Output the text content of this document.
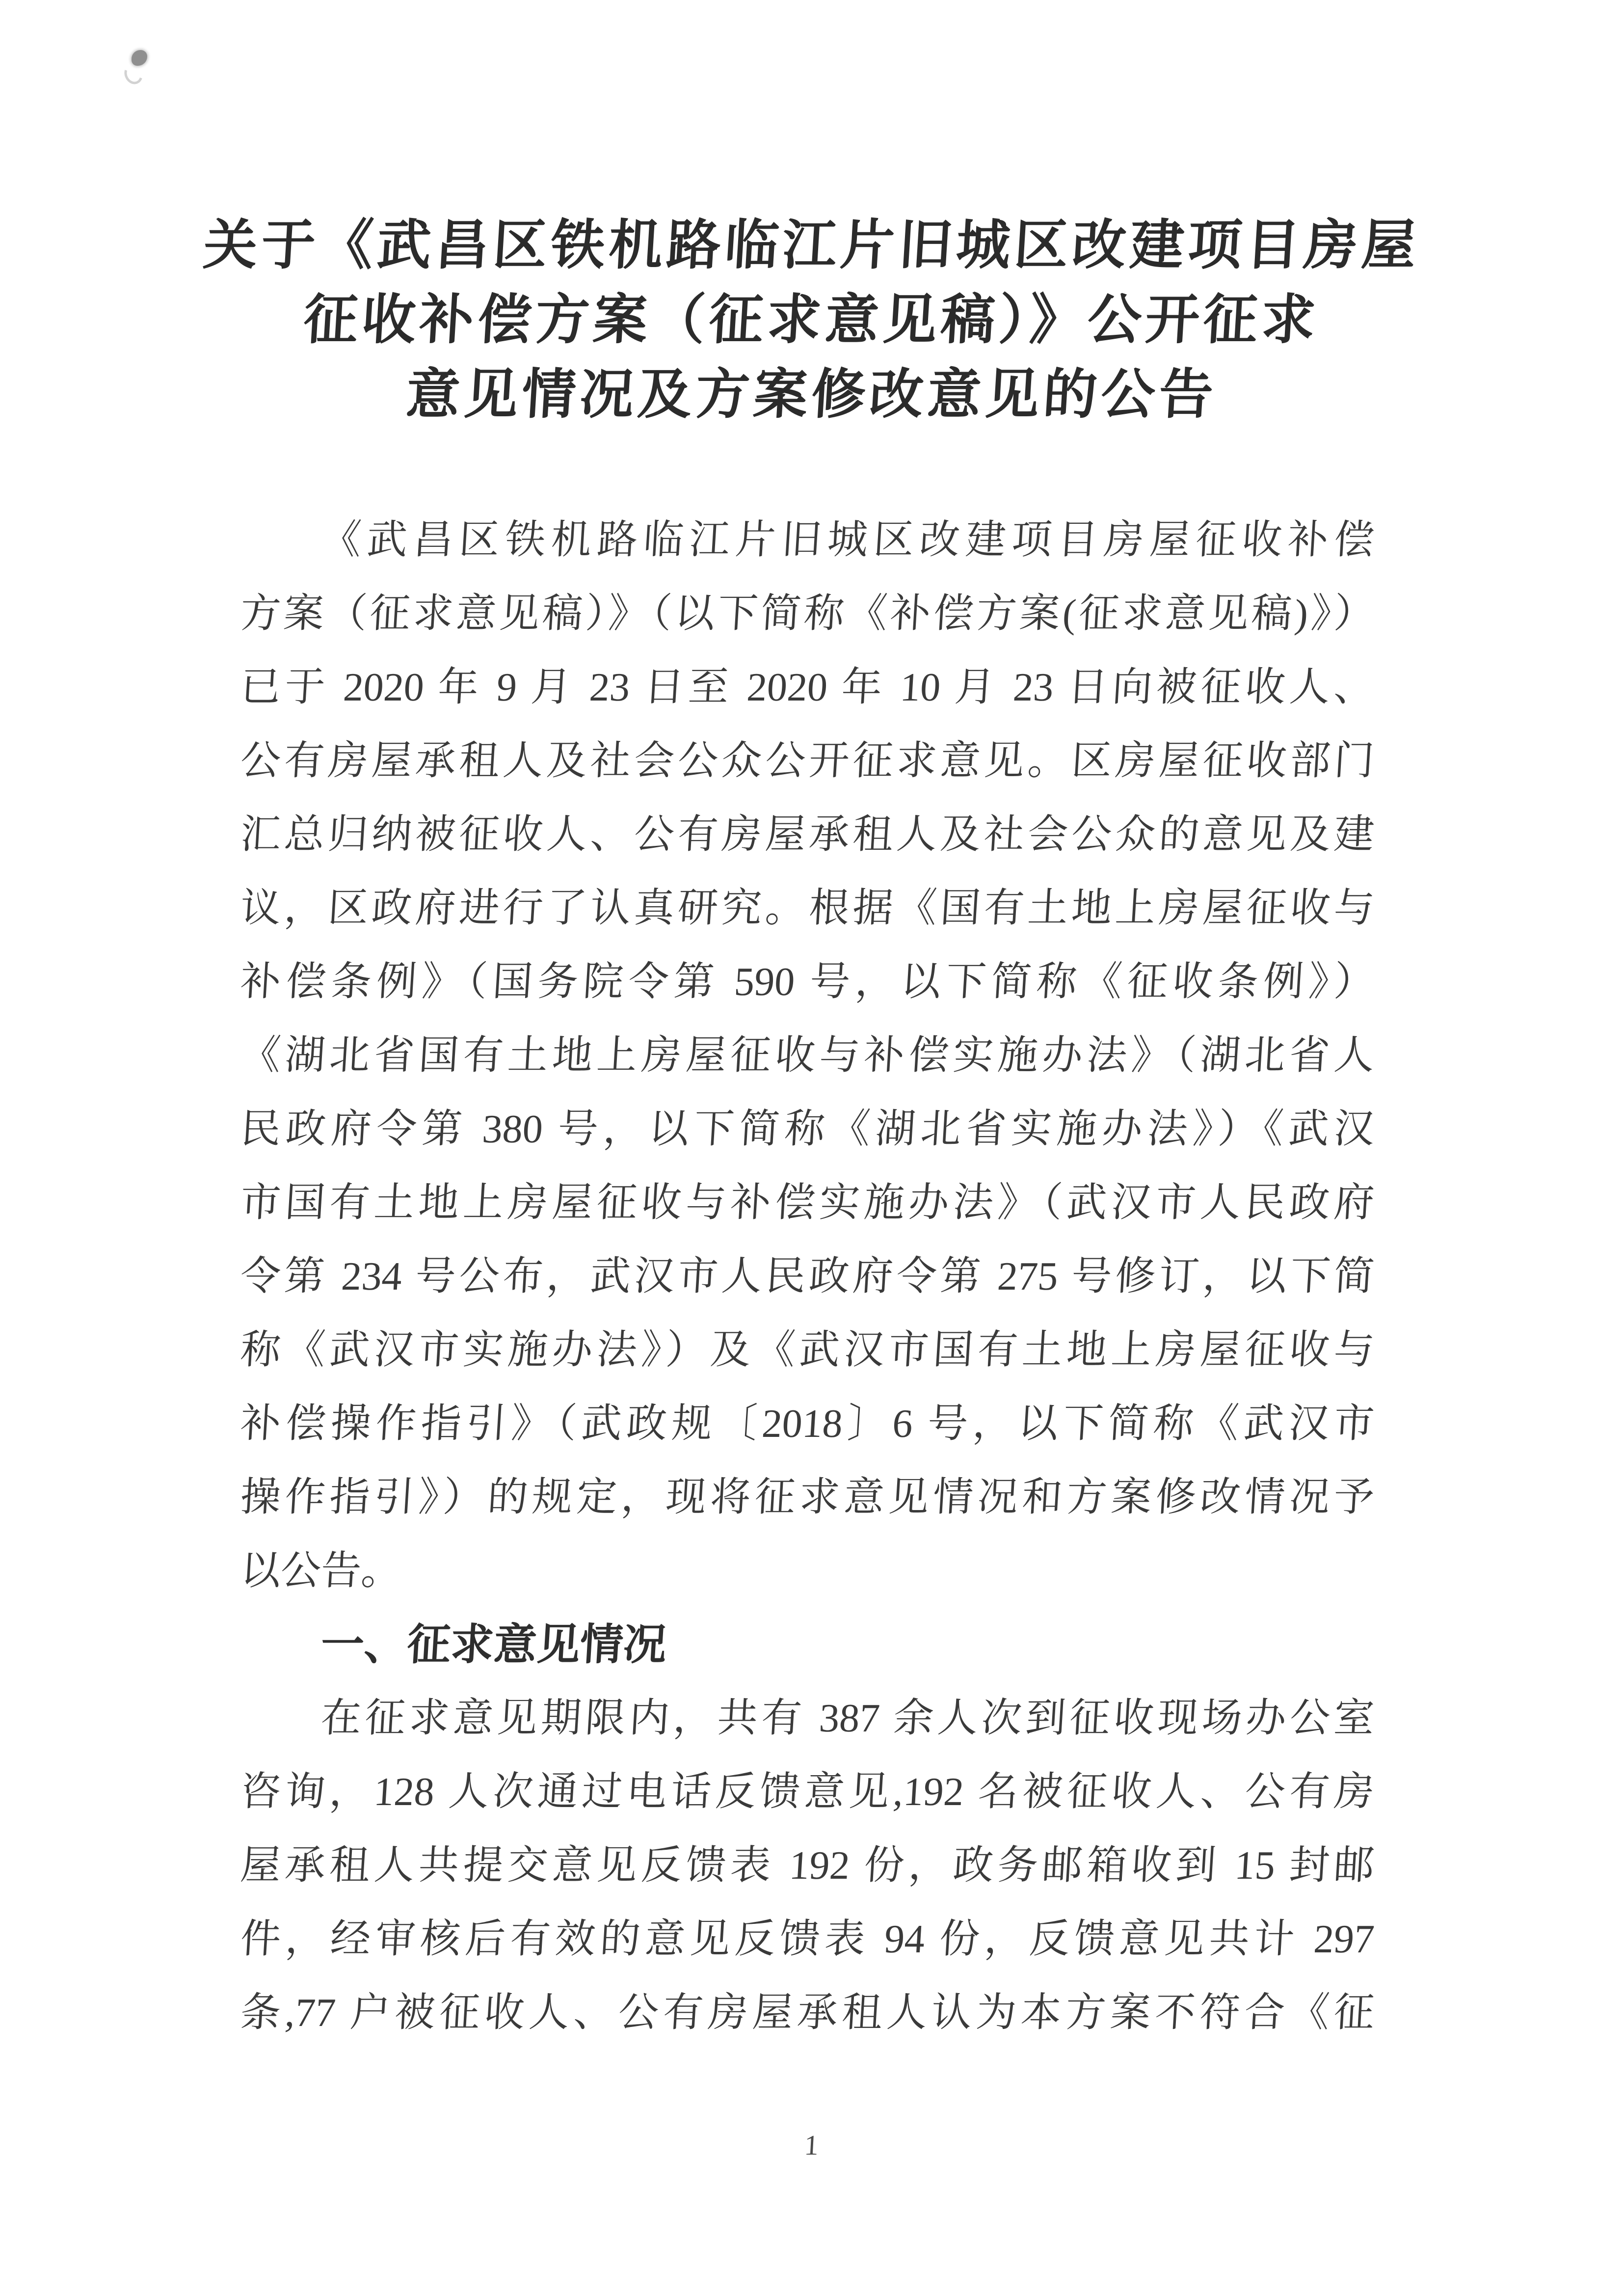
关于《武昌区铁机路临江片旧城区改建项目房屋
征收补偿方案（征求意见稿）》公开征求
意见情况及方案修改意见的公告
《武昌区铁机路临江片旧城区改建项目房屋征收补偿
方案（征求意见稿）》（以下简称《补偿方案(征求意见稿)》）
已于 2020 年 9 月 23 日至 2020 年 10 月 23 日向被征收人、
公有房屋承租人及社会公众公开征求意见。区房屋征收部门
汇总归纳被征收人、公有房屋承租人及社会公众的意见及建
议，区政府进行了认真研究。根据《国有土地上房屋征收与
补偿条例》（国务院令第 590 号，以下简称《征收条例》）
《湖北省国有土地上房屋征收与补偿实施办法》（湖北省人
民政府令第 380 号，以下简称《湖北省实施办法》）《武汉
市国有土地上房屋征收与补偿实施办法》（武汉市人民政府
令第 234 号公布，武汉市人民政府令第 275 号修订，以下简
称《武汉市实施办法》）及《武汉市国有土地上房屋征收与
补偿操作指引》（武政规〔2018〕6 号，以下简称《武汉市
操作指引》）的规定，现将征求意见情况和方案修改情况予
以公告。
一、征求意见情况
在征求意见期限内，共有 387 余人次到征收现场办公室
咨询，128 人次通过电话反馈意见,192 名被征收人、公有房
屋承租人共提交意见反馈表 192 份，政务邮箱收到 15 封邮
件，经审核后有效的意见反馈表 94 份，反馈意见共计 297
条,77 户被征收人、公有房屋承租人认为本方案不符合《征
1
